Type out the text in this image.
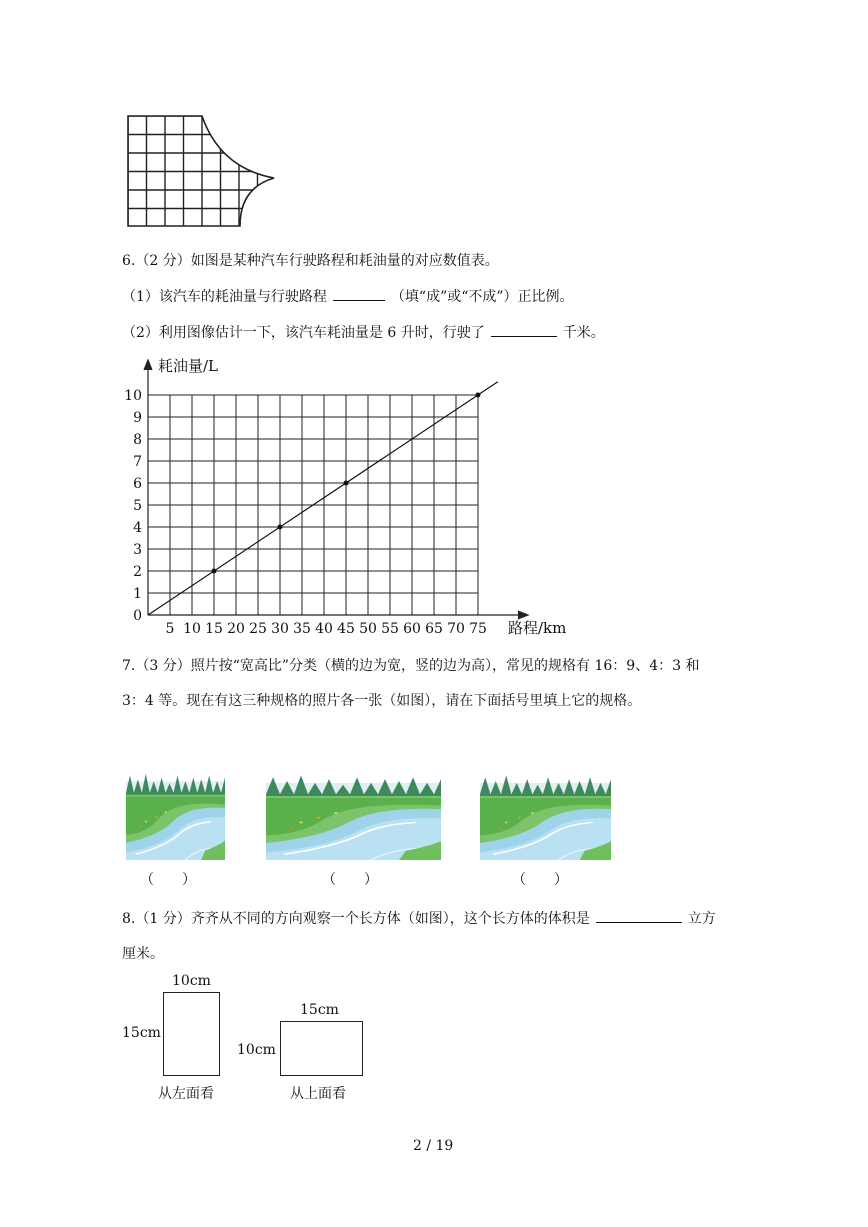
6.（2 分）如图是某种汽车行驶路程和耗油量的对应数值表。
（1）该汽车的耗油量与行驶路程	（填“成”或“不成”）正比例。
（2）利用图像估计一下，该汽车耗油量是 6 升时，行驶了	千米。
0
1
2
3
4
5
6
7
8
9
10
5 10 15 20 25 30 35 40 45 50 55 60 65 70 75
耗油量/L
路程/km
7.（3 分）照片按“宽高比”分类（横的边为宽，竖的边为高），常见的规格有 16：9、4：3 和
3：4 等。现在有这三种规格的照片各一张（如图），请在下面括号里填上它的规格。
（　　）	（　　）	（　　）
8.（1 分）齐齐从不同的方向观察一个长方体（如图），这个长方体的体积是	立方
厘米。
10cm
15cm
从左面看
15cm
10cm
从上面看
2 / 19
